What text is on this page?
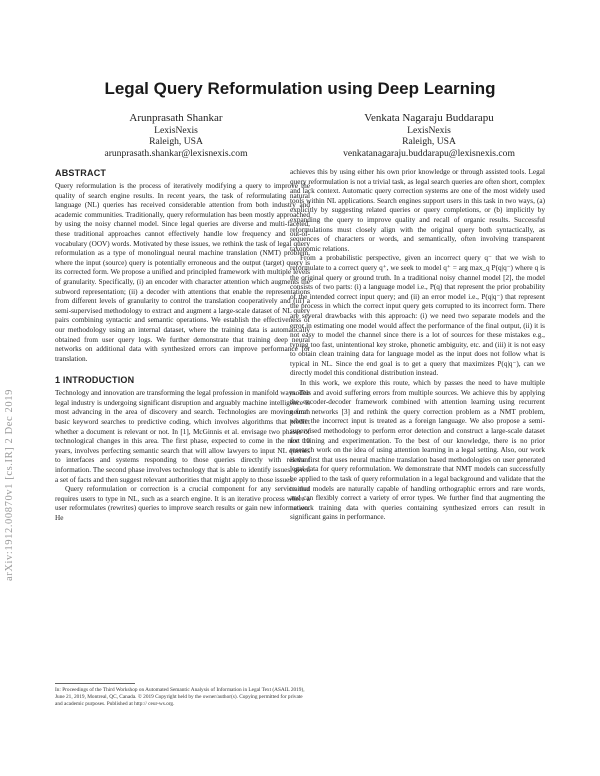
arXiv:1912.00870v1 [cs.IR] 2 Dec 2019
Legal Query Reformulation using Deep Learning
Arunprasath Shankar
LexisNexis
Raleigh, USA
arunprasath.shankar@lexisnexis.com
Venkata Nagaraju Buddarapu
LexisNexis
Raleigh, USA
venkatanagaraju.buddarapu@lexisnexis.com
ABSTRACT

Query reformulation is the process of iteratively modifying a query to improve the quality of search engine results. In recent years, the task of reformulating natural language (NL) queries has received considerable attention from both industry and academic communities. Traditionally, query reformulation has been mostly approached by using the noisy channel model. Since legal queries are diverse and multi-faceted, these traditional approaches cannot effectively handle low frequency and out-of-vocabulary (OOV) words. Motivated by these issues, we rethink the task of legal query reformulation as a type of monolingual neural machine translation (NMT) problem, where the input (source) query is potentially erroneous and the output (target) query is its corrected form. We propose a unified and principled framework with multiple levels of granularity. Specifically, (i) an encoder with character attention which augments the subword representation; (ii) a decoder with attentions that enable the representations from different levels of granularity to control the translation cooperatively and (iii) a semi-supervised methodology to extract and augment a large-scale dataset of NL query pairs combining syntactic and semantic operations. We establish the effectiveness of our methodology using an internal dataset, where the training data is automatically obtained from user query logs. We further demonstrate that training deep neural networks on additional data with synthesized errors can improve performance for translation.

1 INTRODUCTION

Technology and innovation are transforming the legal profession in manifold ways. The legal industry is undergoing significant disruption and arguably machine intelligence is most advancing in the area of discovery and search. Technologies are moving from basic keyword searches to predictive coding, which involves algorithms that predict whether a document is relevant or not. In [1], McGinnis et al. envisage two phases of technological changes in this area. The first phase, expected to come in the next 10 years, involves perfecting semantic search that will allow lawyers to input NL queries to interfaces and systems responding to those queries directly with relevant information. The second phase involves technology that is able to identify issues, given a set of facts and then suggest relevant authorities that might apply to those issues.

Query reformulation or correction is a crucial component for any service that requires users to type in NL, such as a search engine. It is an iterative process where a user reformulates (rewrites) queries to improve search results or gain new information. He

achieves this by using either his own prior knowledge or through assisted tools. Legal query reformulation is not a trivial task, as legal search queries are often short, complex and lack context. Automatic query correction systems are one of the most widely used tools within NL applications. Search engines support users in this task in two ways, (a) explicitly by suggesting related queries or query completions, or (b) implicitly by expanding the query to improve quality and recall of organic results. Successful reformulations must closely align with the original query both syntactically, as sequences of characters or words, and semantically, often involving transparent taxonomic relations.

From a probabilistic perspective, given an incorrect query q⁻ that we wish to reformulate to a correct query q⁺, we seek to model q⁺ = arg max_q P(q|q⁻) where q is the original query or ground truth. In a traditional noisy channel model [2], the model consists of two parts: (i) a language model i.e., P(q) that represent the prior probability of the intended correct input query; and (ii) an error model i.e., P(q|q⁻) that represent the process in which the correct input query gets corrupted to its incorrect form. There are several drawbacks with this approach: (i) we need two separate models and the error in estimating one model would affect the performance of the final output, (ii) it is not easy to model the channel since there is a lot of sources for these mistakes e.g., typing too fast, unintentional key stroke, phonetic ambiguity, etc. and (iii) it is not easy to obtain clean training data for language model as the input does not follow what is typical in NL. Since the end goal is to get a query that maximizes P(q|q⁻), can we directly model this conditional distribution instead.

In this work, we explore this route, which by passes the need to have multiple models and avoid suffering errors from multiple sources. We achieve this by applying the encoder-decoder framework combined with attention learning using recurrent neural networks [3] and rethink the query correction problem as a NMT problem, where the incorrect input is treated as a foreign language. We also propose a semi-supervised methodology to perform error detection and construct a large-scale dataset for training and experimentation. To the best of our knowledge, there is no prior research work on the idea of using attention learning in a legal setting. Also, our work is the first that uses neural machine translation based methodologies on user generated legal data for query reformulation. We demonstrate that NMT models can successfully be applied to the task of query reformulation in a legal background and validate that the trained models are naturally capable of handling orthographic errors and rare words, and can flexibly correct a variety of error types. We further find that augmenting the network training data with queries containing synthesized errors can result in significant gains in performance.

In: Proceedings of the Third Workshop on Automated Semantic Analysis of Information in Legal Text (ASAIL 2019), June 21, 2019, Montreal, QC, Canada. © 2019 Copyright held by the owner/author(s). Copying permitted for private and academic purposes. Published at http:// ceur-ws.org.
